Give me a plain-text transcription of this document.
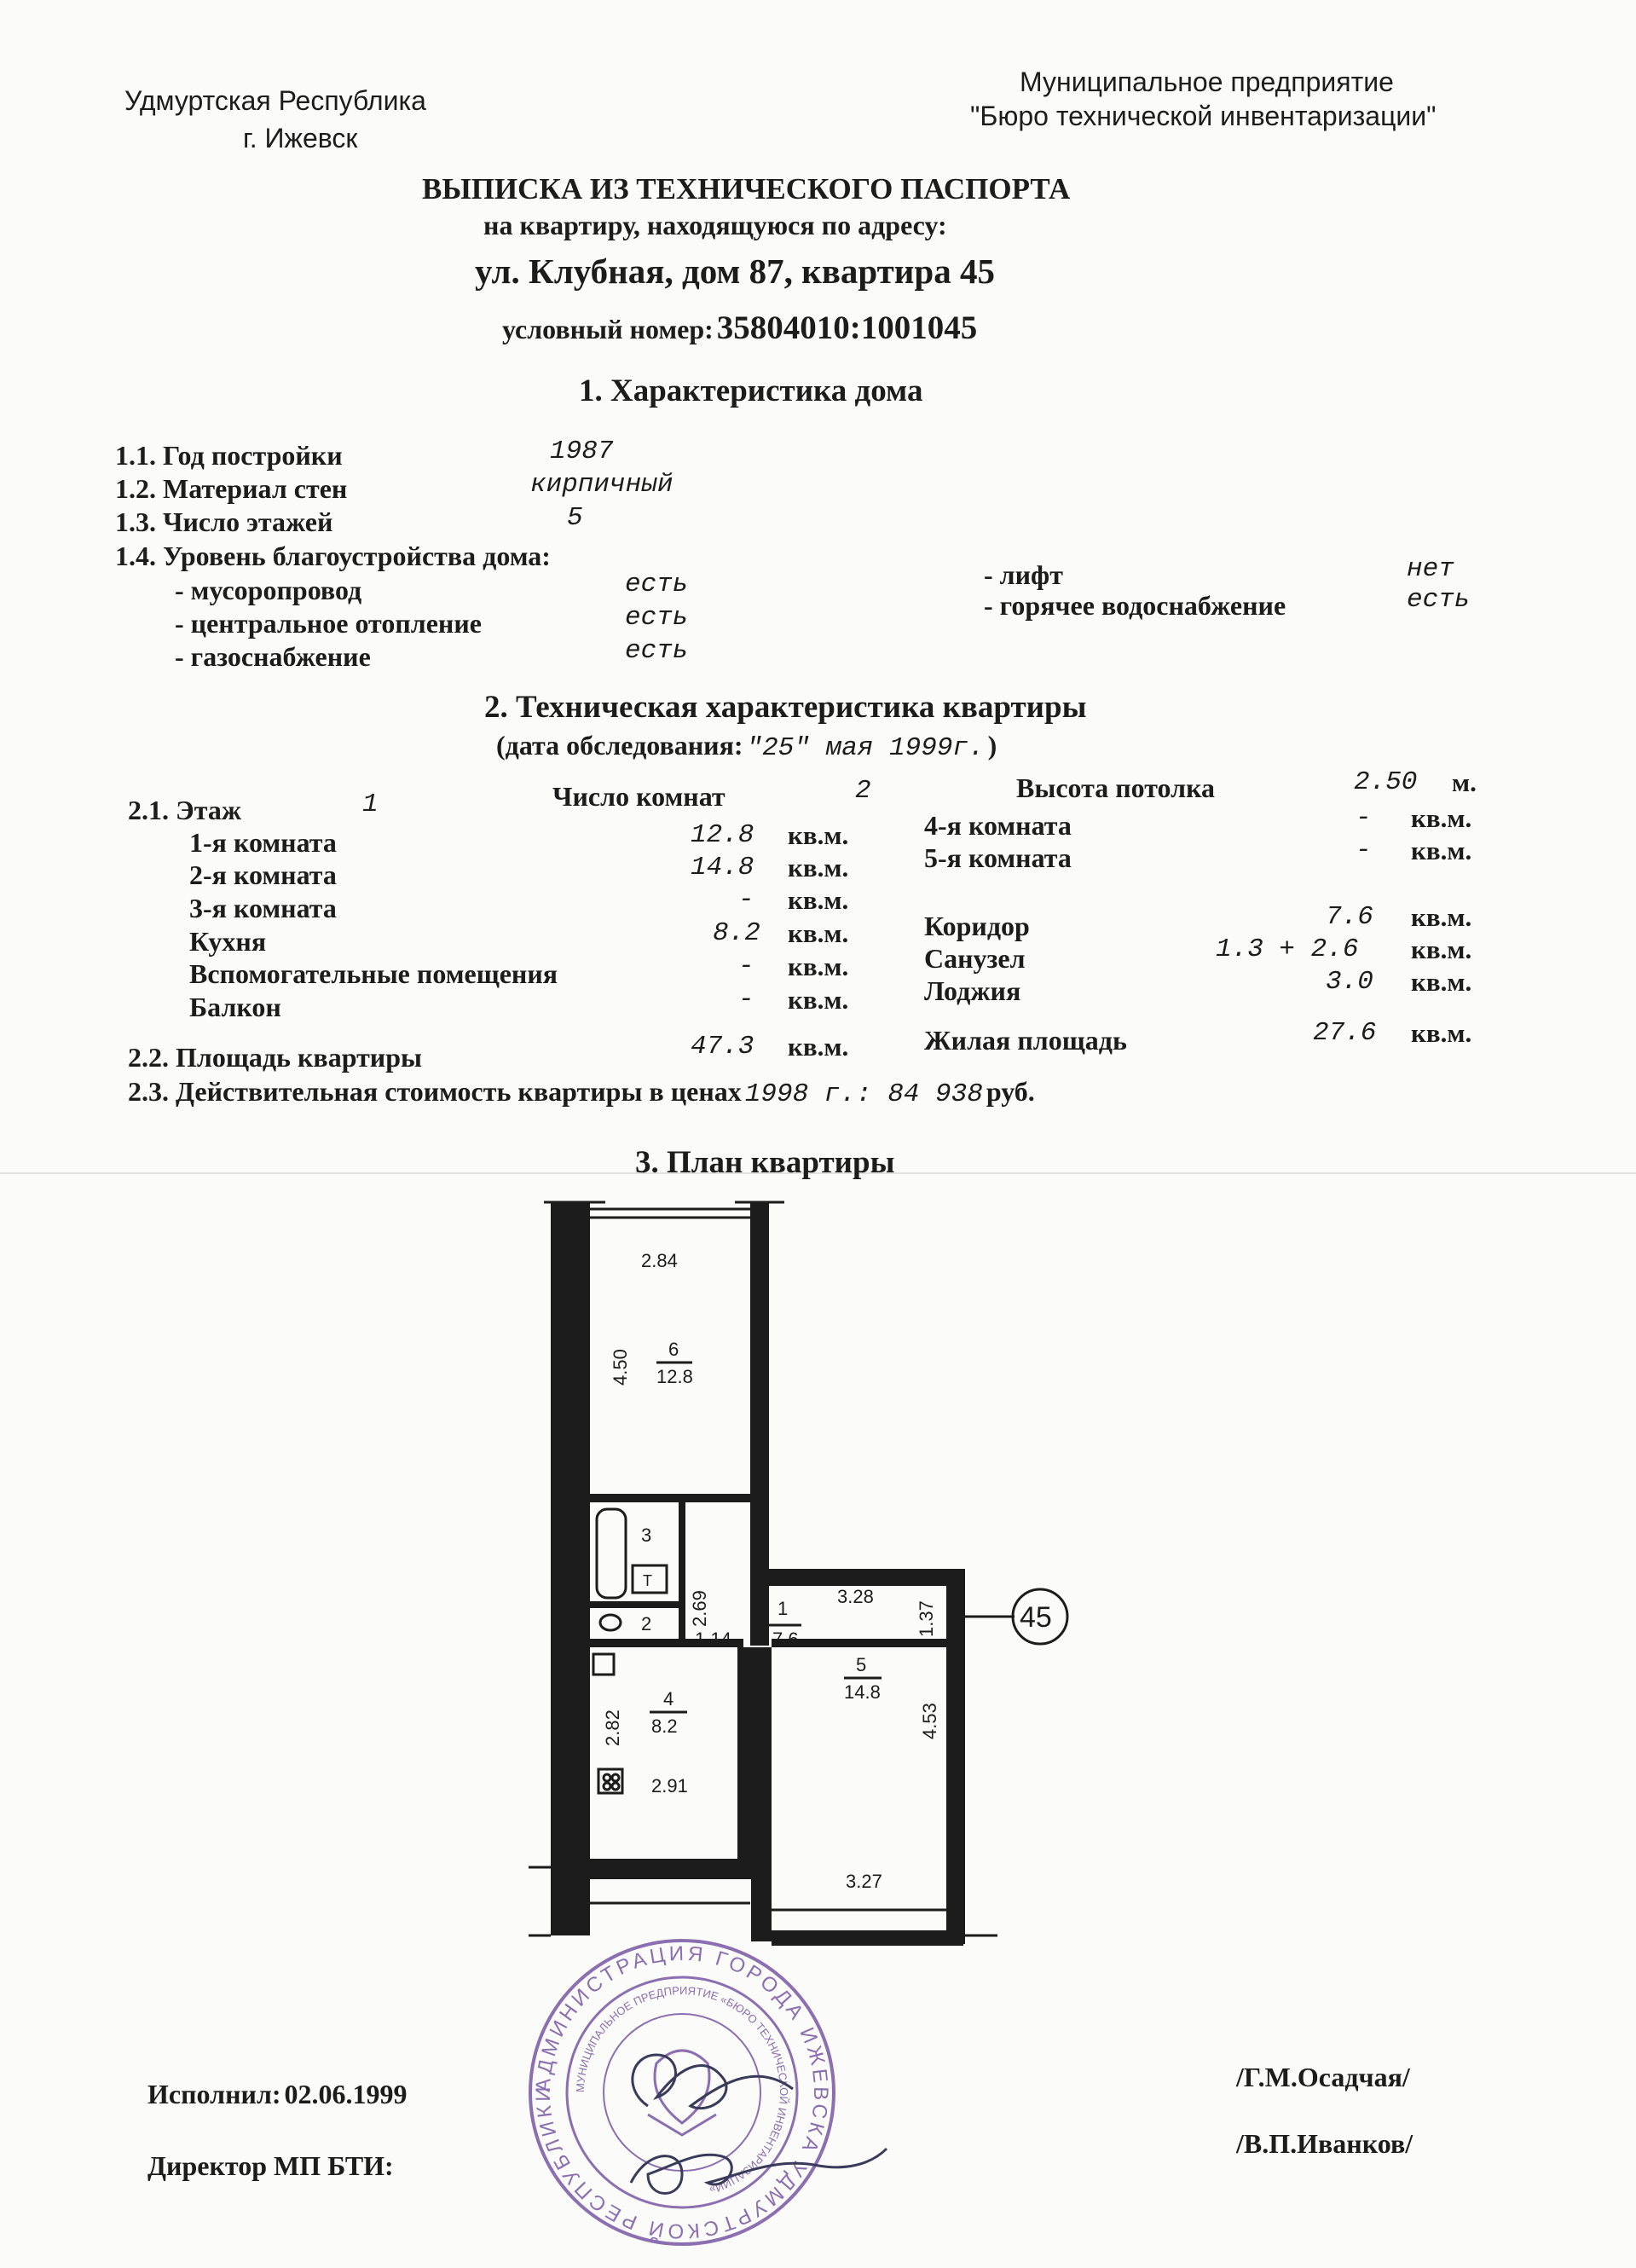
Удмуртская Республика
г. Ижевск
Муниципальное предприятие
"Бюро технической инвентаризации"
ВЫПИСКА ИЗ ТЕХНИЧЕСКОГО ПАСПОРТА
на квартиру, находящуюся по адресу:
ул. Клубная, дом 87, квартира 45
условный номер: 35804010:1001045
1. Характеристика дома
1.1. Год постройки	1987
1.2. Материал стен	кирпичный
1.3. Число этажей	5
1.4. Уровень благоустройства дома:
- мусоропровод	есть
- центральное отопление	есть
- газоснабжение	есть
- лифт	нет
- горячее водоснабжение	есть
2. Техническая характеристика квартиры
(дата обследования: "25" мая 1999г. )
2.1. Этаж	1	Число комнат	2
1-я комната	12.8 кв.м.
2-я комната	14.8 кв.м.
3-я комната	- кв.м.
Кухня	8.2 кв.м.
Вспомогательные помещения	- кв.м.
Балкон	- кв.м.
Высота потолка	2.50 м.
4-я комната	- кв.м.
5-я комната	- кв.м.
Коридор	7.6 кв.м.
Санузел	1.3 + 2.6 кв.м.
Лоджия	3.0 кв.м.
2.2. Площадь квартиры	47.3 кв.м.	Жилая площадь	27.6 кв.м.
2.3. Действительная стоимость квартиры в ценах 1998 г.: 84 938 руб.
3. План квартиры
2.84
4.50 6
12.8
3
Т
2.69
2
1.14
1
7.6
3.28
1.37
4
8.2
2.82
2.91
5
14.8
4.53
3.27
45
АДМИНИСТРАЦИЯ ГОРОДА ИЖЕВСКА УДМУРТСКОЙ РЕСПУБЛИКИ	МУНИЦИПАЛЬНОЕ ПРЕДПРИЯТИЕ «БЮРО ТЕХНИЧЕСКОЙ ИНВЕНТАРИЗАЦИИ»
Исполнил: 02.06.1999
/Г.М.Осадчая/
Директор МП БТИ:
/В.П.Иванков/
